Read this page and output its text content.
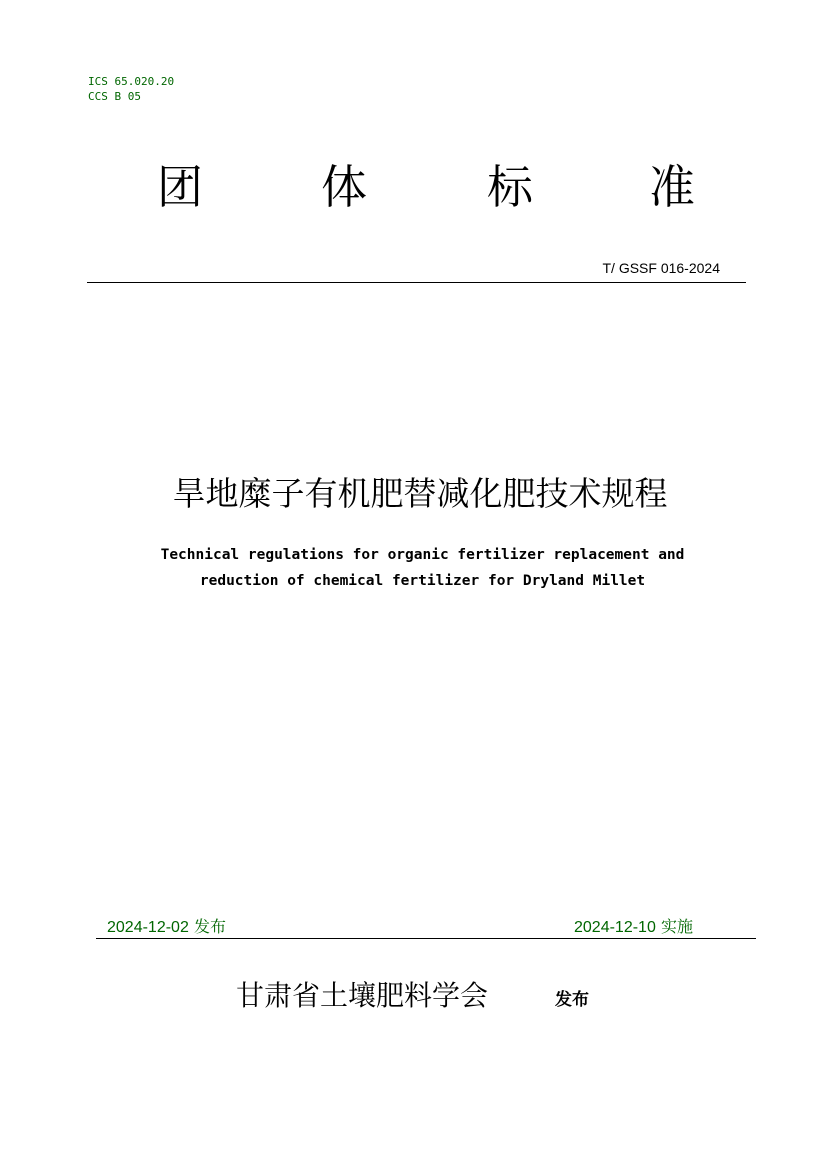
ICS 65.020.20
CCS B 05
团	体	标	准
T/ GSSF 016-2024
旱地糜子有机肥替减化肥技术规程
Technical regulations for organic fertilizer replacement and
reduction of chemical fertilizer for Dryland Millet
2024-12-02 发布	2024-12-10 实施
甘肃省土壤肥料学会	发布
